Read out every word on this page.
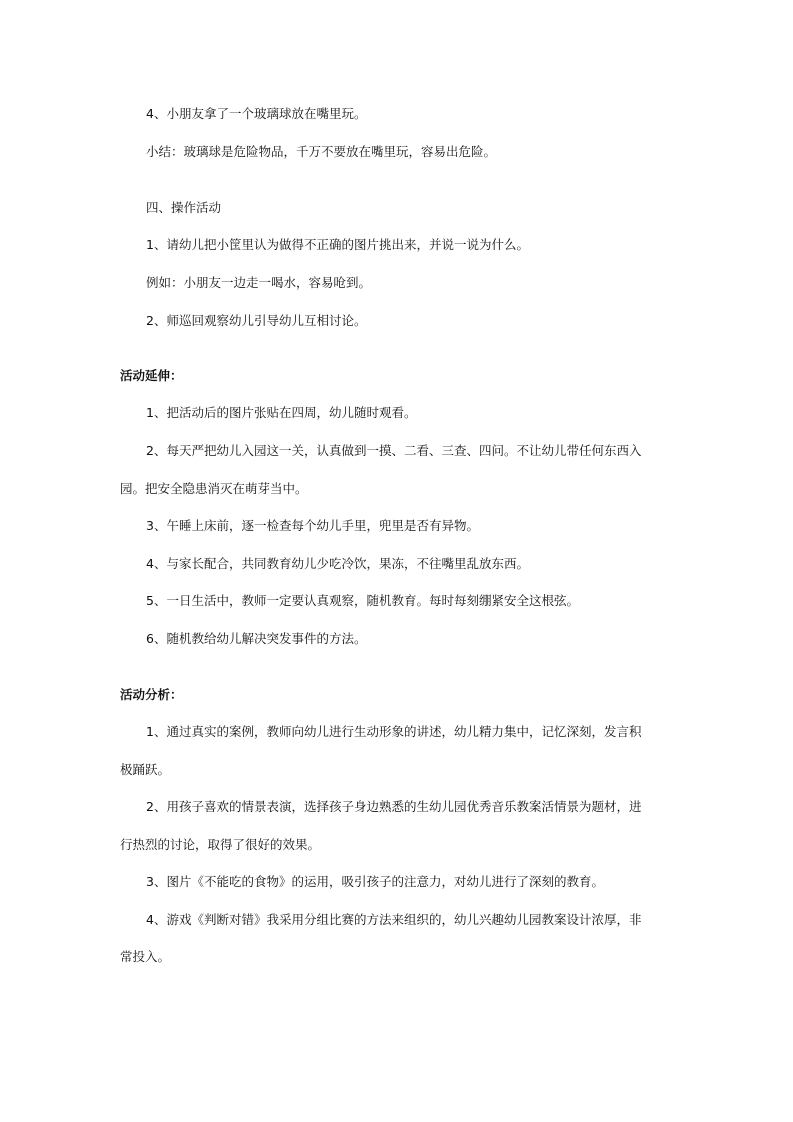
4、小朋友拿了一个玻璃球放在嘴里玩。
小结：玻璃球是危险物品，千万不要放在嘴里玩，容易出危险。
四、操作活动
1、请幼儿把小筐里认为做得不正确的图片挑出来，并说一说为什么。
例如：小朋友一边走一喝水，容易呛到。
2、师巡回观察幼儿引导幼儿互相讨论。
活动延伸：
1、把活动后的图片张贴在四周，幼儿随时观看。
2、每天严把幼儿入园这一关，认真做到一摸、二看、三查、四问。不让幼儿带任何东西入
园。把安全隐患消灭在萌芽当中。
3、午睡上床前，逐一检查每个幼儿手里，兜里是否有异物。
4、与家长配合，共同教育幼儿少吃冷饮，果冻，不往嘴里乱放东西。
5、一日生活中，教师一定要认真观察，随机教育。每时每刻绷紧安全这根弦。
6、随机教给幼儿解决突发事件的方法。
活动分析：
1、通过真实的案例，教师向幼儿进行生动形象的讲述，幼儿精力集中，记忆深刻，发言积
极踊跃。
2、用孩子喜欢的情景表演，选择孩子身边熟悉的生幼儿园优秀音乐教案活情景为题材，进
行热烈的讨论，取得了很好的效果。
3、图片《不能吃的食物》的运用，吸引孩子的注意力，对幼儿进行了深刻的教育。
4、游戏《判断对错》我采用分组比赛的方法来组织的，幼儿兴趣幼儿园教案设计浓厚，非
常投入。
